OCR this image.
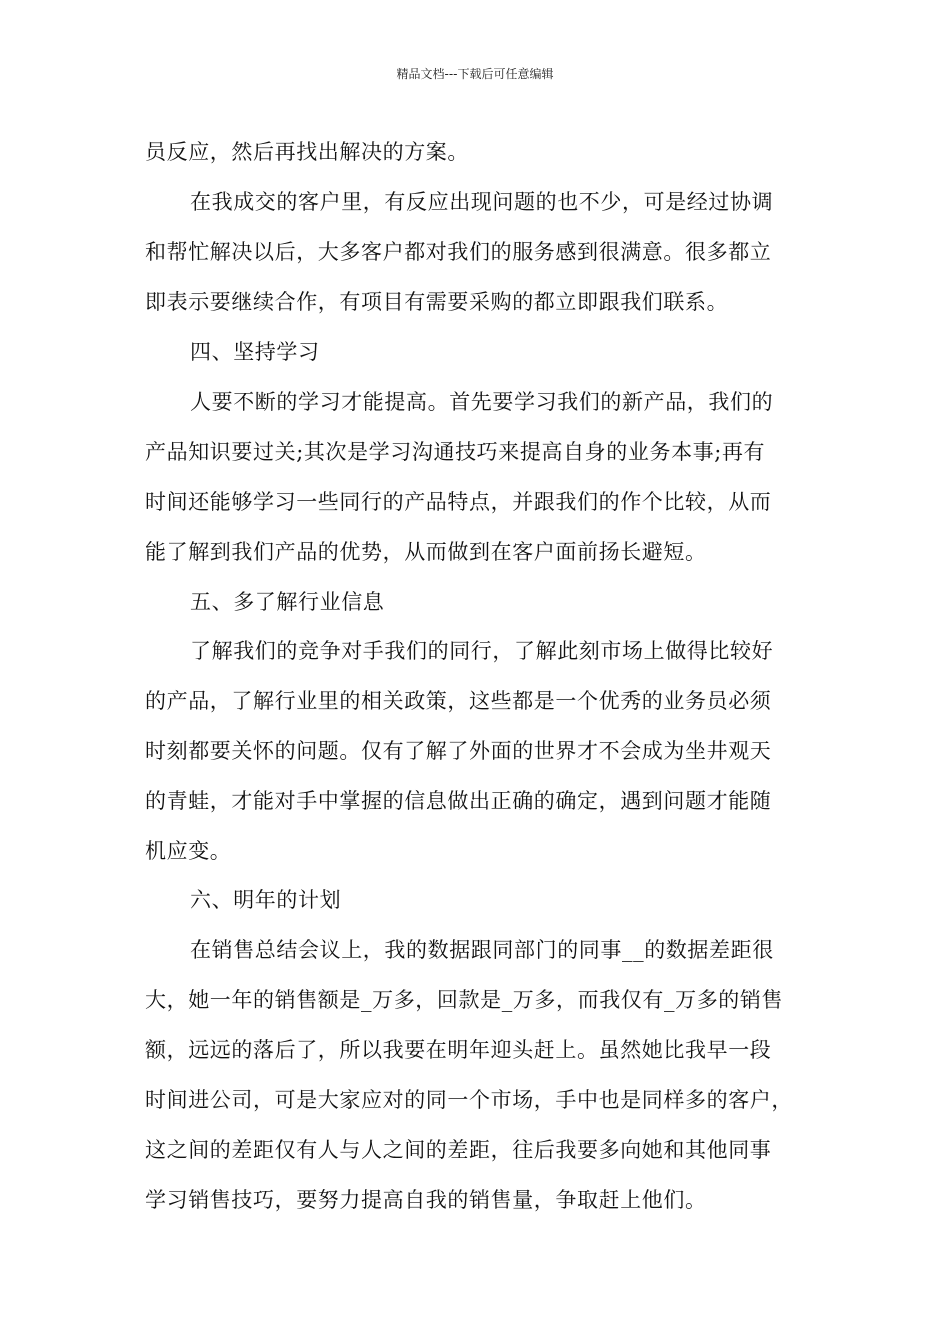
精品文档---下载后可任意编辑
员反应，然后再找出解决的方案。
在我成交的客户里，有反应出现问题的也不少，可是经过协调
和帮忙解决以后，大多客户都对我们的服务感到很满意。很多都立
即表示要继续合作，有项目有需要采购的都立即跟我们联系。
四、坚持学习
人要不断的学习才能提高。首先要学习我们的新产品，我们的
产品知识要过关;其次是学习沟通技巧来提高自身的业务本事;再有
时间还能够学习一些同行的产品特点，并跟我们的作个比较，从而
能了解到我们产品的优势，从而做到在客户面前扬长避短。
五、多了解行业信息
了解我们的竞争对手我们的同行，了解此刻市场上做得比较好
的产品，了解行业里的相关政策，这些都是一个优秀的业务员必须
时刻都要关怀的问题。仅有了解了外面的世界才不会成为坐井观天
的青蛙，才能对手中掌握的信息做出正确的确定，遇到问题才能随
机应变。
六、明年的计划
在销售总结会议上，我的数据跟同部门的同事__的数据差距很
大，她一年的销售额是_万多，回款是_万多，而我仅有_万多的销售
额，远远的落后了，所以我要在明年迎头赶上。虽然她比我早一段
时间进公司，可是大家应对的同一个市场，手中也是同样多的客户，
这之间的差距仅有人与人之间的差距，往后我要多向她和其他同事
学习销售技巧，要努力提高自我的销售量，争取赶上他们。
